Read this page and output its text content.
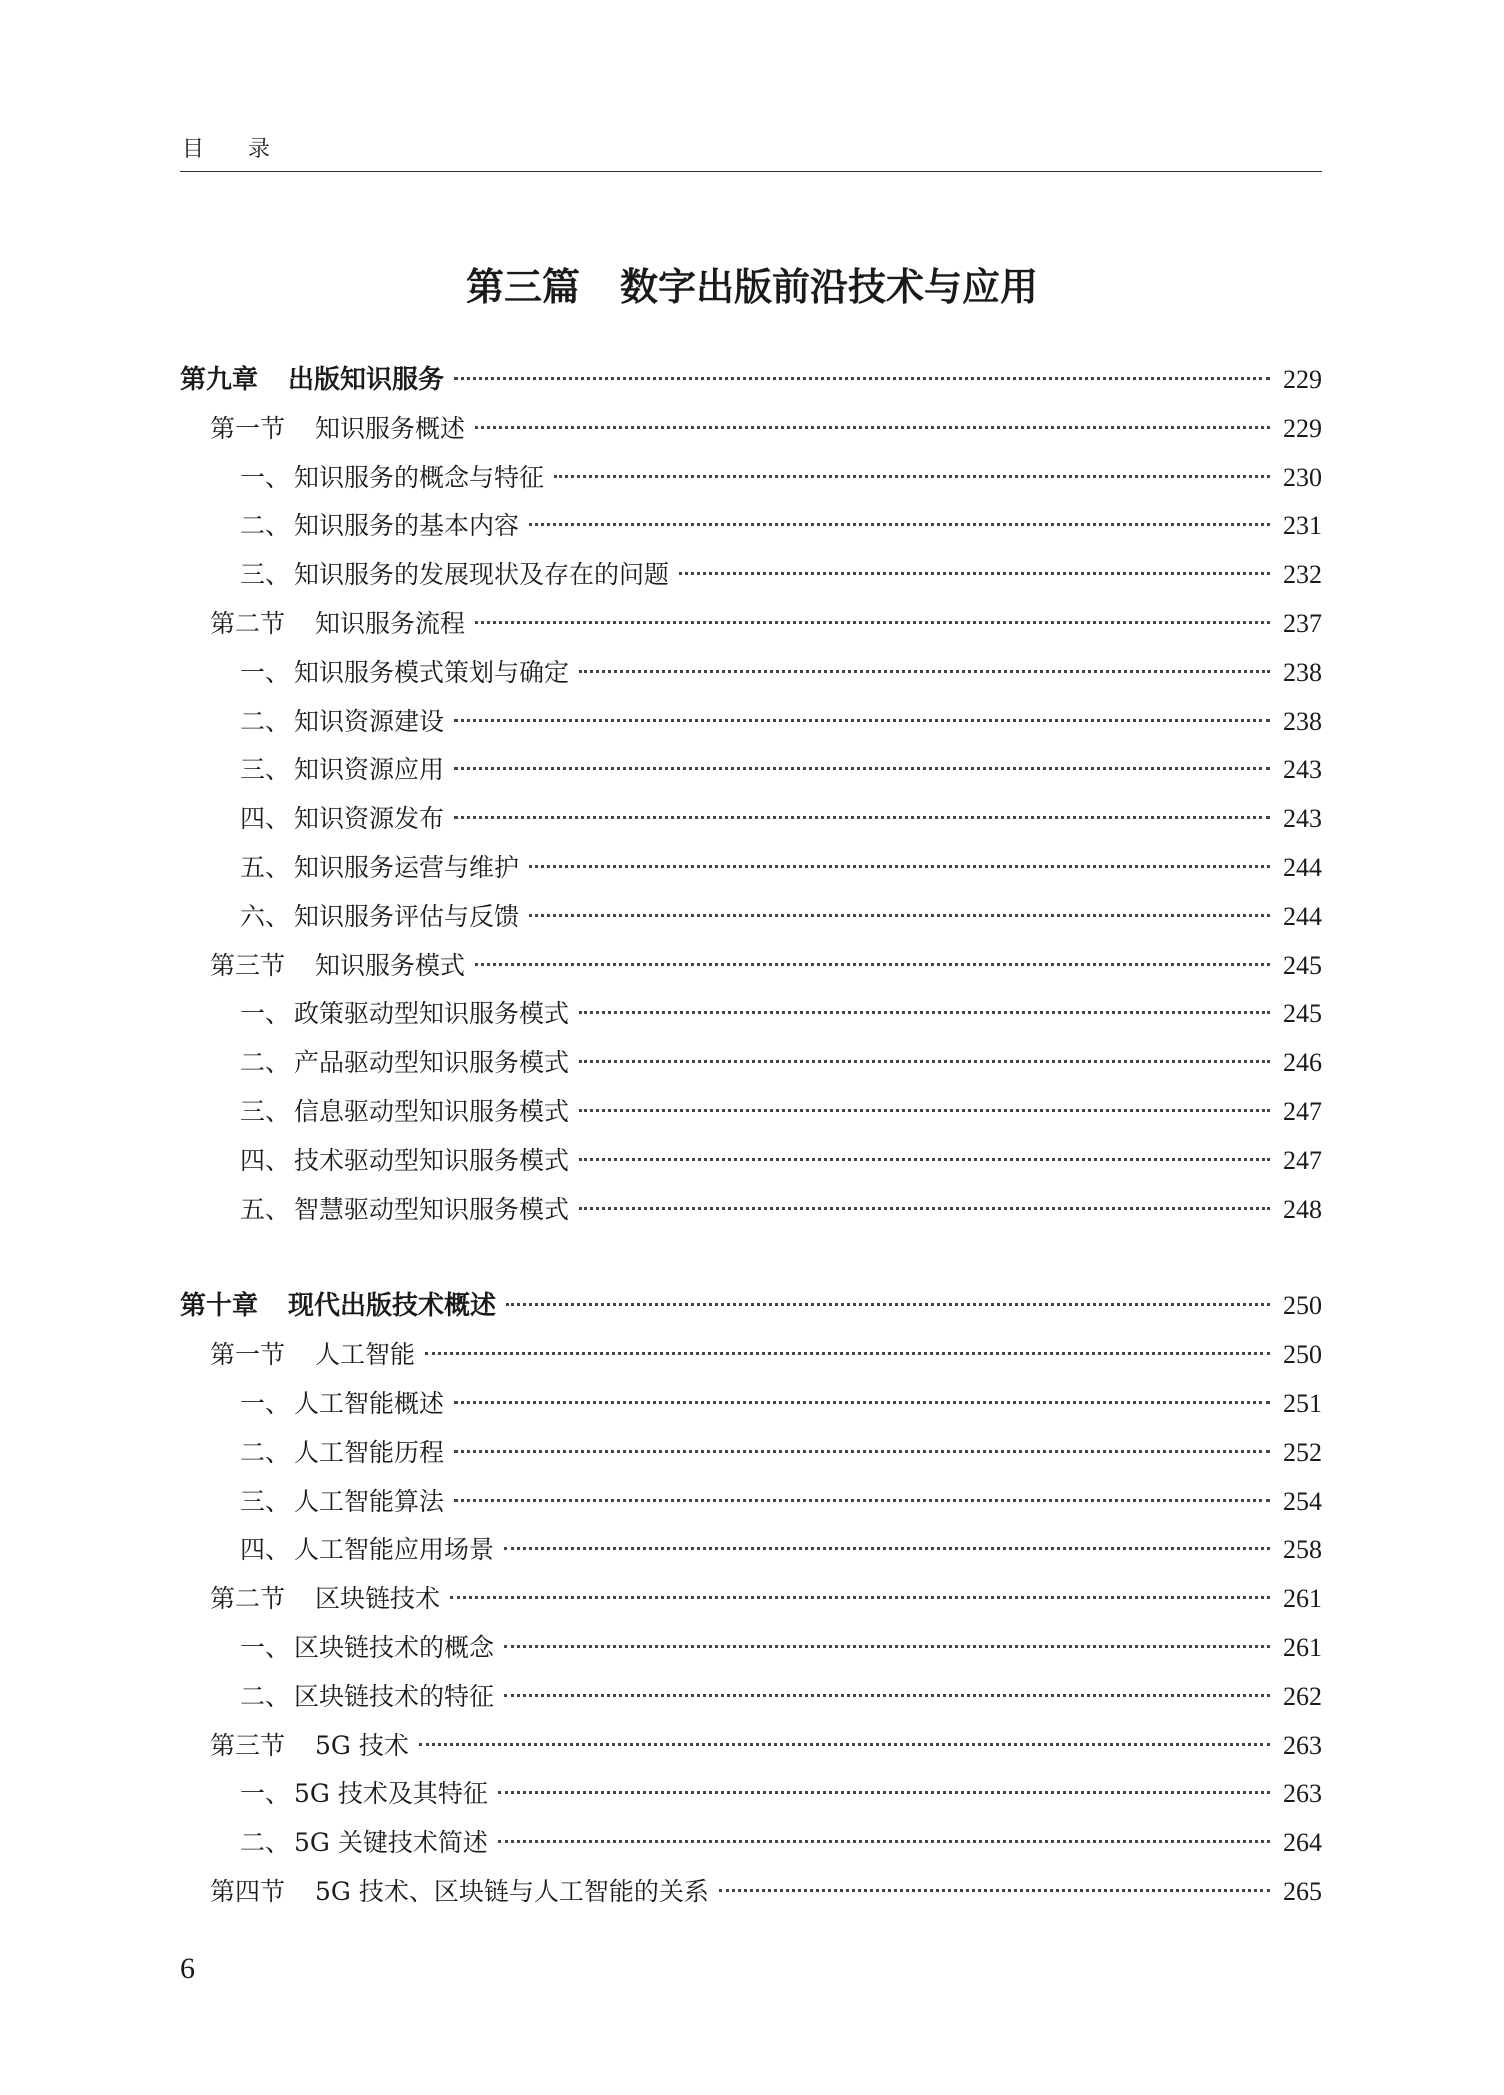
目录
第三篇 数字出版前沿技术与应用
第九章 出版知识服务	229
第一节 知识服务概述	229
一、 知识服务的概念与特征	230
二、 知识服务的基本内容	231
三、 知识服务的发展现状及存在的问题	232
第二节 知识服务流程	237
一、 知识服务模式策划与确定	238
二、 知识资源建设	238
三、 知识资源应用	243
四、 知识资源发布	243
五、 知识服务运营与维护	244
六、 知识服务评估与反馈	244
第三节 知识服务模式	245
一、 政策驱动型知识服务模式	245
二、 产品驱动型知识服务模式	246
三、 信息驱动型知识服务模式	247
四、 技术驱动型知识服务模式	247
五、 智慧驱动型知识服务模式	248
第十章 现代出版技术概述	250
第一节 人工智能	250
一、 人工智能概述	251
二、 人工智能历程	252
三、 人工智能算法	254
四、 人工智能应用场景	258
第二节 区块链技术	261
一、 区块链技术的概念	261
二、 区块链技术的特征	262
第三节 5G 技术	263
一、 5G 技术及其特征	263
二、 5G 关键技术简述	264
第四节 5G 技术、区块链与人工智能的关系	265
6
